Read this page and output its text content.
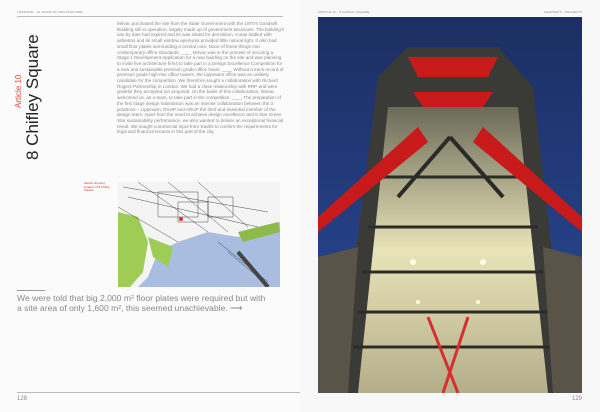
LIPPMANN – 40 YEARS OF ARCHITECTURE
Article 10 8 Chifley Square
Mirvac purchased the site from the State Government with the 1970's Goodsell Building still in operation, largely made up of government tenancies. The building's use by date had expired and its was slated for demolition. It was riddled with asbestos and its small window apertures provided little natural light. It also had small floor plates surrounding a central core. None of these things met contemporary office standards. ____ Mirvac was in the process of securing a Stage 1 Development Application for a new building on the site and was planning to invite five architecture firms to take part in a Design Excellence Competition for a new and sustainable premium grade office tower. ____ Without a track record of premium grade high-rise office towers, the Lippmann office was an unlikely candidate for the competition. We therefore sought a collaboration with Richard Rogers Partnership in London. We had a close relationship with RRP and were grateful they accepted our proposal. On the basis of this collaboration, Mirvac welcomed us, as a team, to take part in the competition. ____ The preparation of the first stage design submission was an intense collaboration between the 3 practices – Lippmann, RSHP and ARUP the third and essential member of the design team. Apart from the need to achieve design excellence and 6 Star Green Star sustainability performance, we also wanted to deliver an exceptional financial result. We sought commercial input from Savills to confirm the requirements for legal and financial tenants in this part of the city.
Sketch showing location of 8 Chifley Square
We were told that big 2,000 m² floor plates were required but with a site area of only 1,600 m², this seemed unachievable. ⟶
128
ARTICLE 10 – 8 CHIFLEY SQUARE	CHAPTER 5 – PROJECTS
129
